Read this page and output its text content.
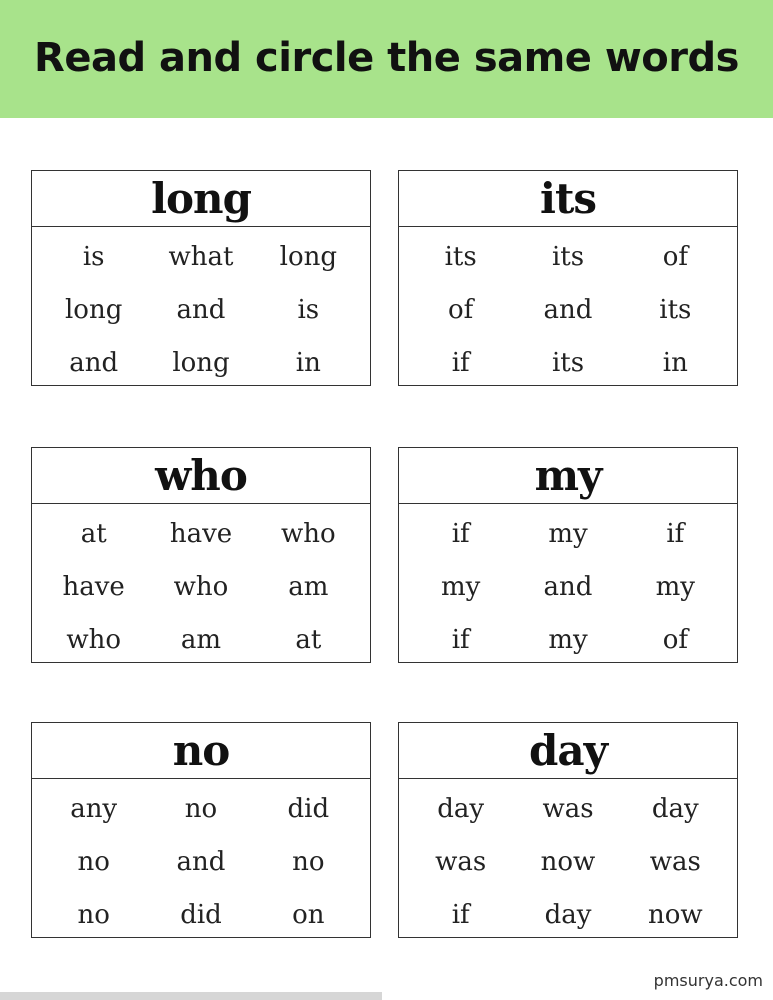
Read and circle the same words
long
is	what	long
long	and	is
and	long	in
its
its	its	of
of	and	its
if	its	in
who
at	have	who
have	who	am
who	am	at
my
if	my	if
my	and	my
if	my	of
no
any	no	did
no	and	no
no	did	on
day
day	was	day
was	now	was
if	day	now
pmsurya.com
